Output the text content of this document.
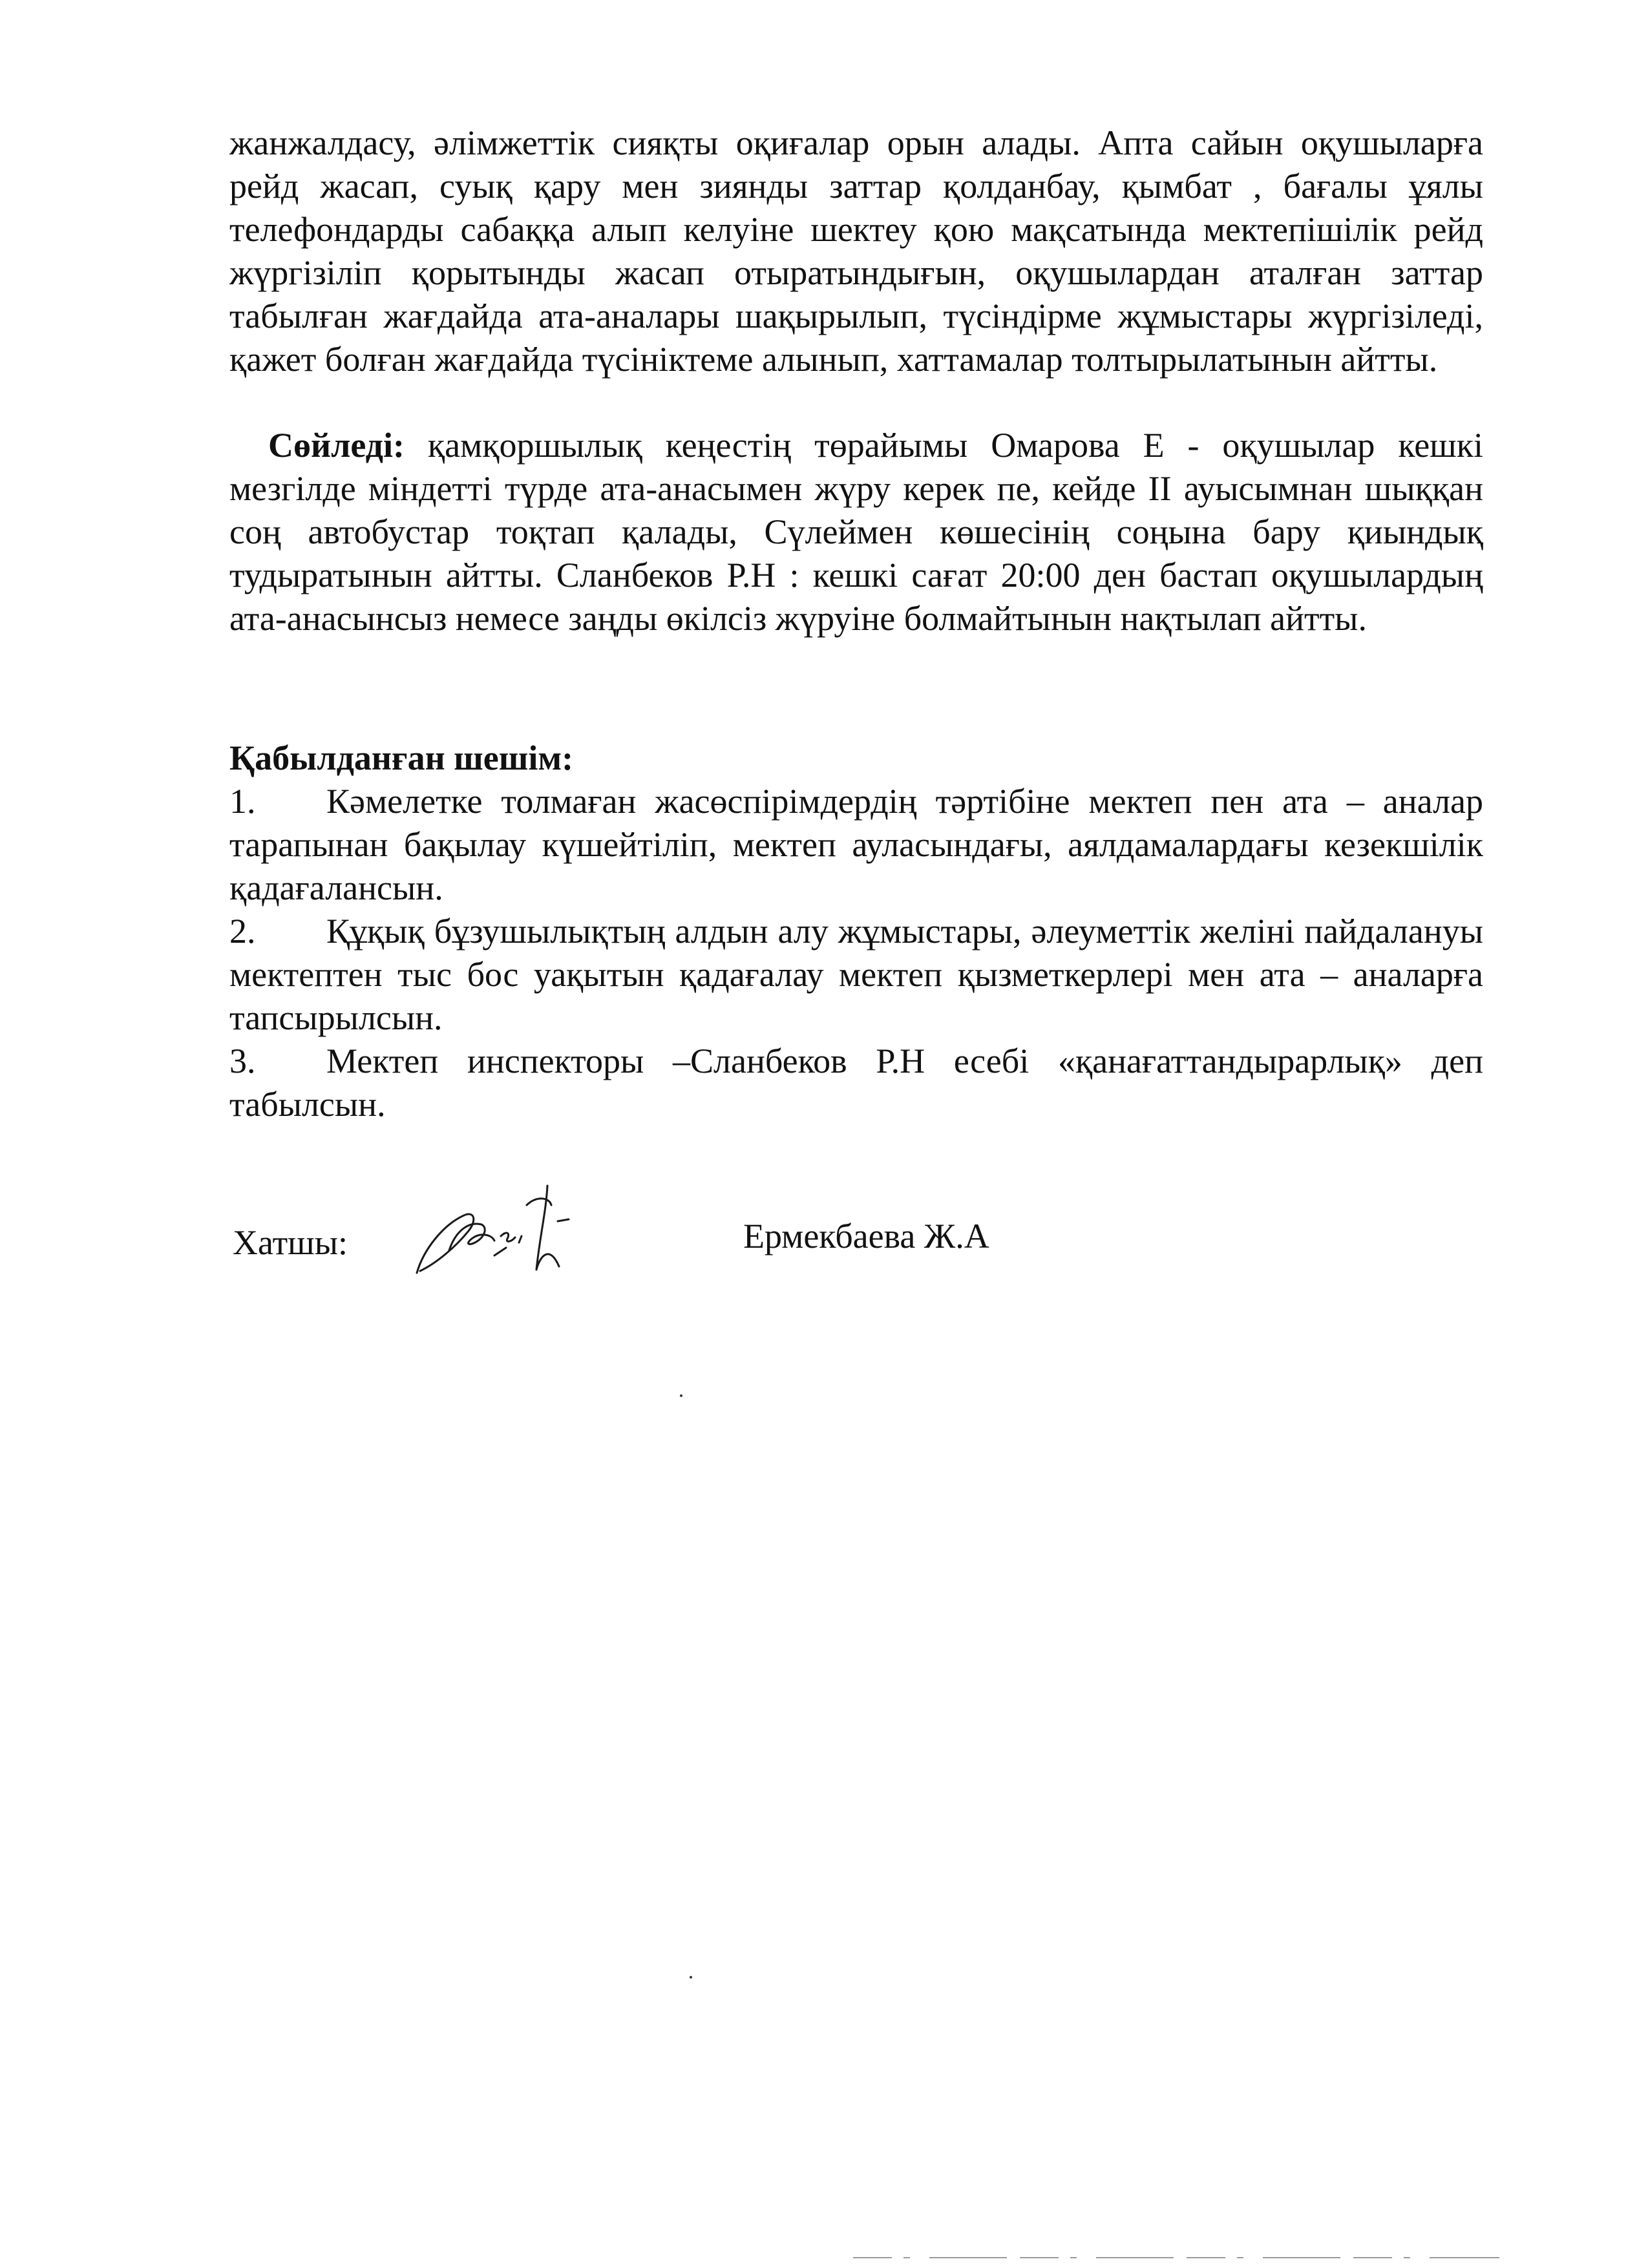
жанжалдасу, әлімжеттік сияқты оқиғалар орын алады. Апта сайын оқушыларға рейд жасап, суық қару мен зиянды заттар қолданбау, қымбат , бағалы ұялы телефондарды сабаққа алып келуіне шектеу қою мақсатында мектепішілік рейд жүргізіліп қорытынды жасап отыратындығын, оқушылардан аталған заттар табылған жағдайда ата-аналары шақырылып, түсіндірме жұмыстары жүргізіледі, қажет болған жағдайда түсініктеме алынып, хаттамалар толтырылатынын айтты.

Сөйледі: қамқоршылық кеңестің төрайымы Омарова Е - оқушылар кешкі мезгілде міндетті түрде ата-анасымен жүру керек пе, кейде ІІ ауысымнан шыққан соң автобустар тоқтап қалады, Сүлеймен көшесінің соңына бару қиындық тудыратынын айтты. Сланбеков Р.Н : кешкі сағат 20:00 ден бастап оқушылардың ата-анасынсыз немесе заңды өкілсіз жүруіне болмайтынын нақтылап айтты.

Қабылданған шешім:
1. Кәмелетке толмаған жасөспірімдердің тәртібіне мектеп пен ата – аналар тарапынан бақылау күшейтіліп, мектеп ауласындағы, аялдамалардағы кезекшілік қадағалансын.
2. Құқық бұзушылықтың алдын алу жұмыстары, әлеуметтік желіні пайдалануы мектептен тыс бос уақытын қадағалау мектеп қызметкерлері мен ата – аналарға тапсырылсын.
3. Мектеп инспекторы –Сланбеков Р.Н есебі «қанағаттандырарлық» деп табылсын.
Хатшы:	Ермекбаева Ж.А
